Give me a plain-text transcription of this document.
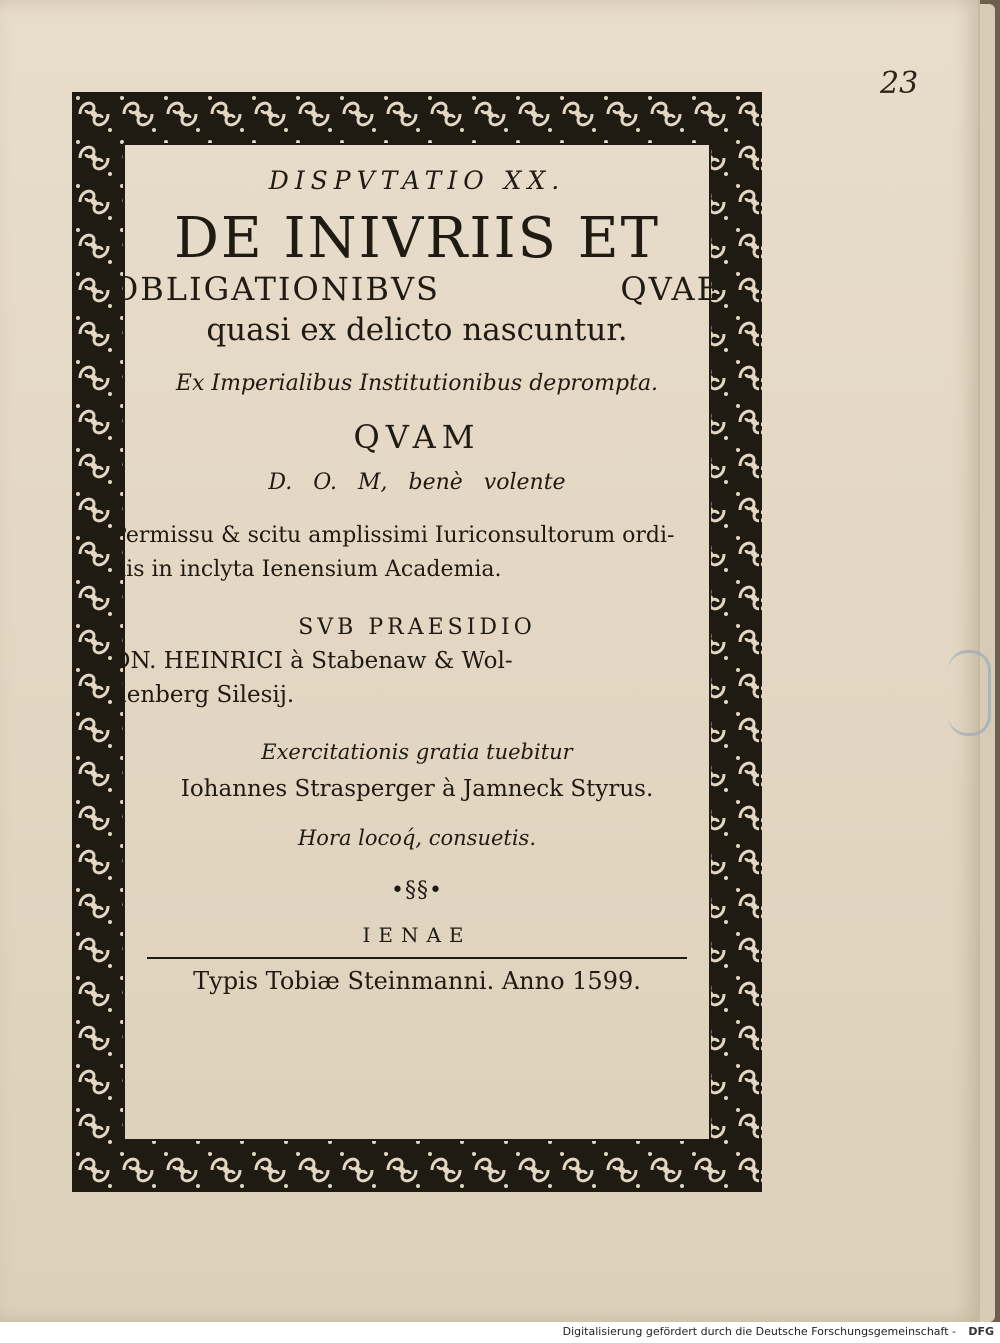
23
DISPVTATIO XX.
DE INIVRIIS ET
OBLIGATIONIBVS QVAE
quasi ex delicto nascuntur.
Ex Imperialibus Institutionibus deprompta.
QVAM
D. O. M, benè volente
Permissu & scitu amplissimi Iuriconsultorum ordi-
nis in inclyta Ienensium Academia.
SVB PRAESIDIO
DN. HEINRICI à Stabenaw & Wol-
denberg Silesij.
Exercitationis gratia tuebitur
Iohannes Strasperger à Jamneck Styrus.
Hora locoq́, consuetis.
•§§•
IENAE
Typis Tobiæ Steinmanni. Anno 1599.
Digitalisierung gefördert durch die Deutsche Forschungsgemeinschaft - DFG
